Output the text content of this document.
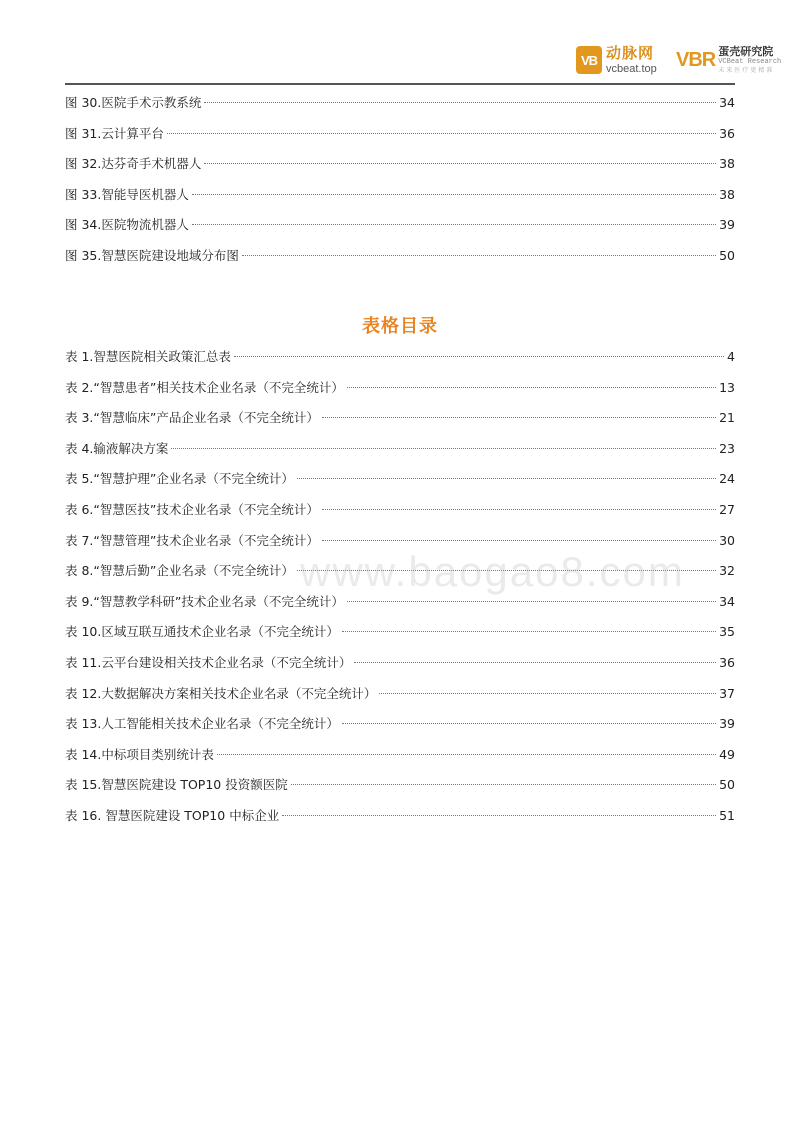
VB 动脉网
vcbeat.top VBR 蛋壳研究院
VCBeat Research
未来医疗更精准
图 30.医院手术示教系统	34
图 31.云计算平台	36
图 32.达芬奇手术机器人	38
图 33.智能导医机器人	38
图 34.医院物流机器人	39
图 35.智慧医院建设地域分布图	50
表格目录
表 1.智慧医院相关政策汇总表	4
表 2.“智慧患者”相关技术企业名录（不完全统计）	13
表 3.“智慧临床”产品企业名录（不完全统计）	21
表 4.输液解决方案	23
表 5.“智慧护理”企业名录（不完全统计）	24
表 6.“智慧医技”技术企业名录（不完全统计）	27
表 7.“智慧管理”技术企业名录（不完全统计）	30
表 8.“智慧后勤”企业名录（不完全统计）	32
表 9.“智慧教学科研”技术企业名录（不完全统计）	34
表 10.区域互联互通技术企业名录（不完全统计）	35
表 11.云平台建设相关技术企业名录（不完全统计）	36
表 12.大数据解决方案相关技术企业名录（不完全统计）	37
表 13.人工智能相关技术企业名录（不完全统计）	39
表 14.中标项目类别统计表	49
表 15.智慧医院建设 TOP10 投资额医院	50
表 16. 智慧医院建设 TOP10 中标企业	51
www.baogao8.com
